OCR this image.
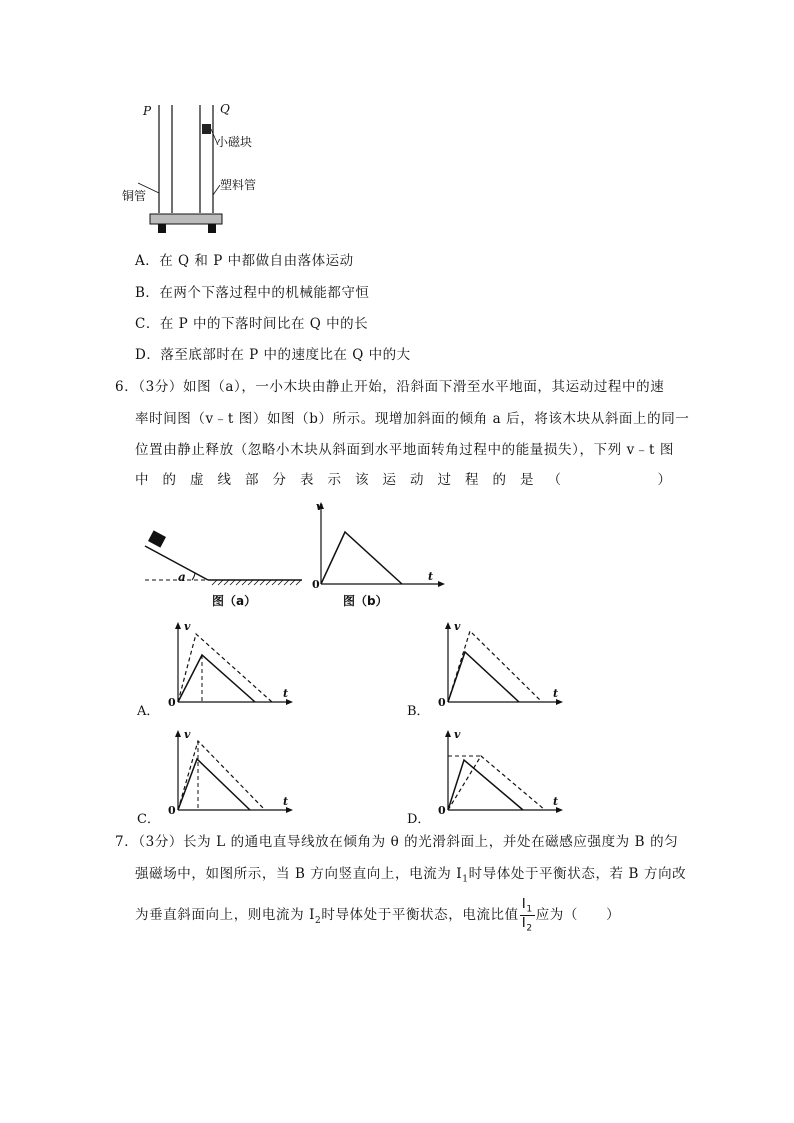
P	Q
小磁块
铜管
塑料管
A．在 Q 和 P 中都做自由落体运动
B．在两个下落过程中的机械能都守恒
C．在 P 中的下落时间比在 Q 中的长
D．落至底部时在 P 中的速度比在 Q 中的大
6．（3分）如图（a），一小木块由静止开始，沿斜面下滑至水平地面，其运动过程中的速
率时间图（v﹣t 图）如图（b）所示。现增加斜面的倾角 a 后，将该木块从斜面上的同一
位置由静止释放（忽略小木块从斜面到水平地面转角过程中的能量损失），下列 v﹣t 图
中 的 虚 线 部 分 表 示 该 运 动 过 程 的 是 （

　	）
a
图（a）
v
t
0
图（b）
v
t
0
A．
v
t
0
B．
v
t
0
C．
v
t
0
D．
7．（3分）长为 L 的通电直导线放在倾角为 θ 的光滑斜面上，并处在磁感应强度为 B 的匀
强磁场中，如图所示，当 B 方向竖直向上，电流为 $I_1$时导体处于平衡状态，若 B 方向改
为垂直斜面向上，则电流为 $I_2$时导体处于平衡状态，电流比值 $\frac{I_1}{I_2}$ 应为（　　）
